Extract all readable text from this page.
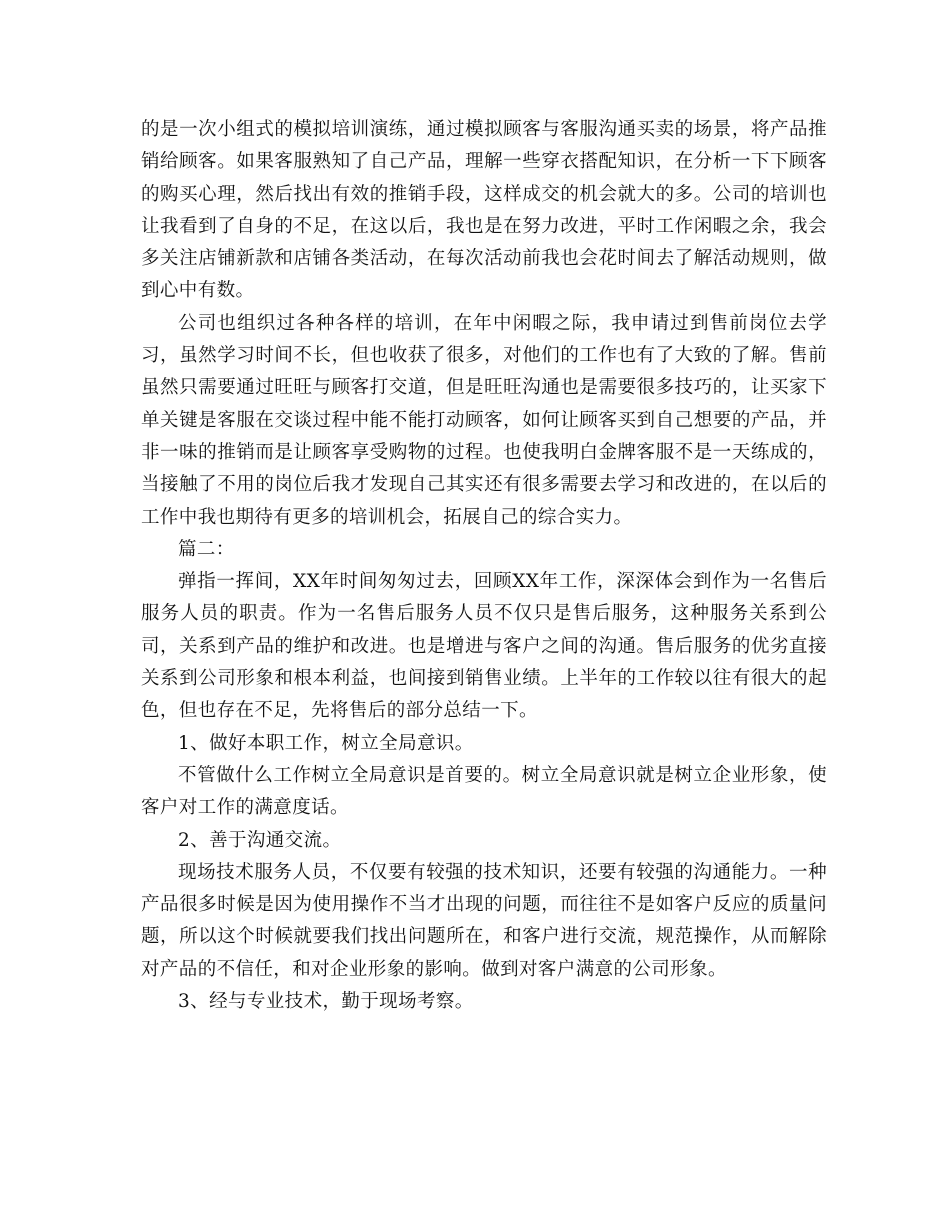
的是一次小组式的模拟培训演练，通过模拟顾客与客服沟通买卖的场景，将产品推销给顾客。如果客服熟知了自己产品，理解一些穿衣搭配知识，在分析一下下顾客的购买心理，然后找出有效的推销手段，这样成交的机会就大的多。公司的培训也让我看到了自身的不足，在这以后，我也是在努力改进，平时工作闲暇之余，我会多关注店铺新款和店铺各类活动，在每次活动前我也会花时间去了解活动规则，做到心中有数。

公司也组织过各种各样的培训，在年中闲暇之际，我申请过到售前岗位去学习，虽然学习时间不长，但也收获了很多，对他们的工作也有了大致的了解。售前虽然只需要通过旺旺与顾客打交道，但是旺旺沟通也是需要很多技巧的，让买家下单关键是客服在交谈过程中能不能打动顾客，如何让顾客买到自己想要的产品，并非一味的推销而是让顾客享受购物的过程。也使我明白金牌客服不是一天练成的，当接触了不用的岗位后我才发现自己其实还有很多需要去学习和改进的，在以后的工作中我也期待有更多的培训机会，拓展自己的综合实力。

篇二：

弹指一挥间，XX年时间匆匆过去，回顾XX年工作，深深体会到作为一名售后服务人员的职责。作为一名售后服务人员不仅只是售后服务，这种服务关系到公司，关系到产品的维护和改进。也是增进与客户之间的沟通。售后服务的优劣直接关系到公司形象和根本利益，也间接到销售业绩。上半年的工作较以往有很大的起色，但也存在不足，先将售后的部分总结一下。

1、做好本职工作，树立全局意识。

不管做什么工作树立全局意识是首要的。树立全局意识就是树立企业形象，使客户对工作的满意度话。

2、善于沟通交流。

现场技术服务人员，不仅要有较强的技术知识，还要有较强的沟通能力。一种产品很多时候是因为使用操作不当才出现的问题，而往往不是如客户反应的质量问题，所以这个时候就要我们找出问题所在，和客户进行交流，规范操作，从而解除对产品的不信任，和对企业形象的影响。做到对客户满意的公司形象。

3、经与专业技术，勤于现场考察。
